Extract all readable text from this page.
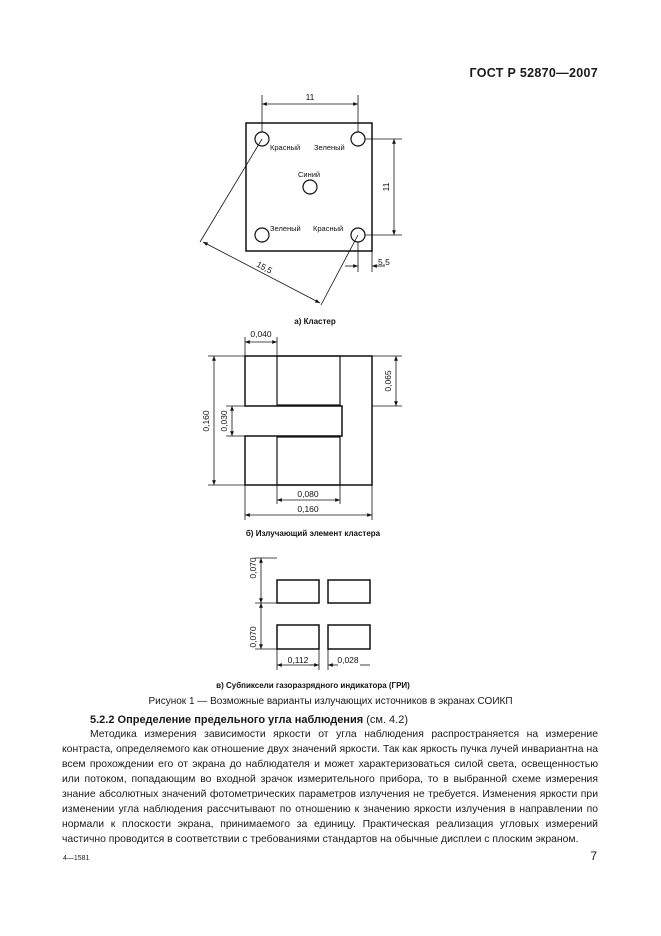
ГОСТ Р 52870—2007
11
11
15,5	5,5
Красный Зеленый
Синий
Зеленый Красный
а) Кластер
0,040
0,065
0,160 0,030
0,080
0,160
б) Излучающий элемент кластера
0,070
0,070
0,112	0,028
в) Субпиксели газоразрядного индикатора (ГРИ)
Рисунок 1 — Возможные варианты излучающих источников в экранах СОИКП
5.2.2 Определение предельного угла наблюдения (см. 4.2)
Методика измерения зависимости яркости от угла наблюдения распространяется на измерение контраста, определяемого как отношение двух значений яркости. Так как яркость пучка лучей инвариантна на всем прохождении его от экрана до наблюдателя и может характеризоваться силой света, освещенностью или потоком, попадающим во входной зрачок измерительного прибора, то в выбранной схеме измерения знание абсолютных значений фотометрических параметров излучения не требуется. Изменения яркости при изменении угла наблюдения рассчитывают по отношению к значению яркости излучения в направлении по нормали к плоскости экрана, принимаемого за единицу. Практическая реализация угловых измерений частично проводится в соответствии с требованиями стандартов на обычные дисплеи с плоским экраном.
4—1581	7
